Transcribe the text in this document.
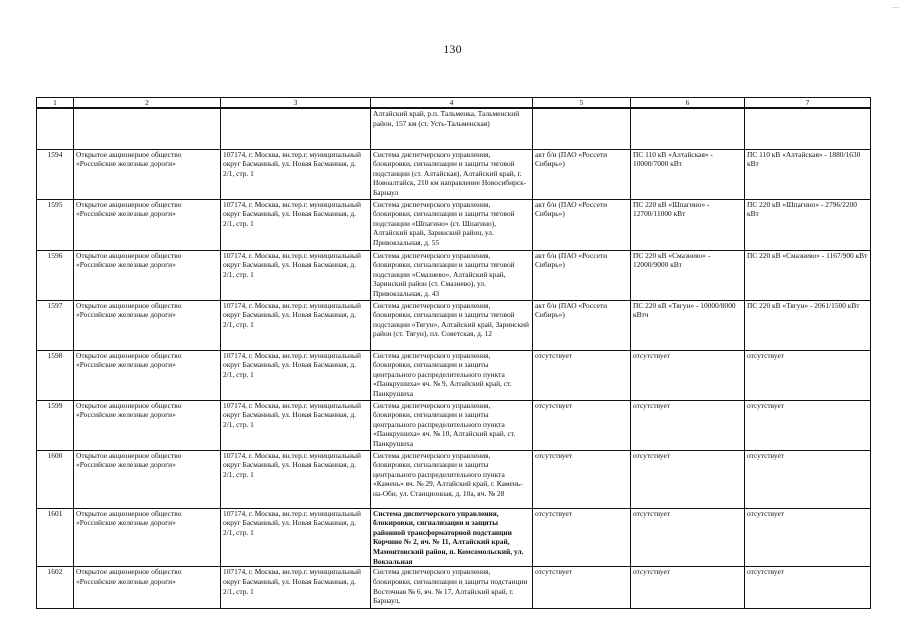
—
130
1	2	3	4	5	6	7
			Алтайский край, р.п. Тальменка, Тальменский район, 157 км (ст. Усть-Тальменская)			
1594	Открытое акционерное общество «Российские железные дороги»	107174, г. Москва, вн.тер.г. муниципальный округ Басманный, ул. Новая Басманная, д. 2/1, стр. 1	Система диспетчерского управления, блокировки, сигнализации и защиты тяговой подстанции (ст. Алтайская), Алтайский край, г. Новоалтайск, 210 км направление Новосибирск-Барнаул	акт б/н (ПАО «Россети Сибирь»)	ПС 110 кВ «Алтайская» - 10000/7000 кВт	ПС 110 кВ «Алтайская» - 1880/1630 кВт
1595	Открытое акционерное общество «Российские железные дороги»	107174, г. Москва, вн.тер.г. муниципальный округ Басманный, ул. Новая Басманная, д. 2/1, стр. 1	Система диспетчерского управления, блокировки, сигнализации и защиты тяговой подстанции «Шпагино» (ст. Шпагино), Алтайский край, Заринский район, ул. Привокзальная, д. 55	акт б/н (ПАО «Россети Сибирь»)	ПС 220 кВ «Шпагино» - 12700/11000 кВт	ПС 220 кВ «Шпагино» - 2796/2200 кВт
1596	Открытое акционерное общество «Российские железные дороги»	107174, г. Москва, вн.тер.г. муниципальный округ Басманный, ул. Новая Басманная, д. 2/1, стр. 1	Система диспетчерского управления, блокировки, сигнализации и защиты тяговой подстанции «Смазнево», Алтайский край, Заринский район (ст. Смазнево), ул. Привокзальная, д. 43	акт б/н (ПАО «Россети Сибирь»)	ПС 220 кВ «Смазнево» - 12000/9000 кВт	ПС 220 кВ «Смазнево» - 1167/900 кВт
1597	Открытое акционерное общество «Российские железные дороги»	107174, г. Москва, вн.тер.г. муниципальный округ Басманный, ул. Новая Басманная, д. 2/1, стр. 1	Система диспетчерского управления, блокировки, сигнализации и защиты тяговой подстанции «Тягун», Алтайский край, Заринский район (ст. Тягун), пл. Советская, д. 12	акт б/н (ПАО «Россети Сибирь»)	ПС 220 кВ «Тягун» - 10000/8000 кВтч	ПС 220 кВ «Тягун» - 2061/1500 кВт
1598	Открытое акционерное общество «Российские железные дороги»	107174, г. Москва, вн.тер.г. муниципальный округ Басманный, ул. Новая Басманная, д. 2/1, стр. 1	Система диспетчерского управления, блокировки, сигнализации и защиты центрального распределительного пункта «Панкрушиха» яч. № 9, Алтайский край, ст. Панкрушиха	отсутствует	отсутствует	отсутствует
1599	Открытое акционерное общество «Российские железные дороги»	107174, г. Москва, вн.тер.г. муниципальный округ Басманный, ул. Новая Басманная, д. 2/1, стр. 1	Система диспетчерского управления, блокировки, сигнализации и защиты центрального распределительного пункта «Панкрушиха» яч. № 10, Алтайский край, ст. Панкрушиха	отсутствует	отсутствует	отсутствует
1600	Открытое акционерное общество «Российские железные дороги»	107174, г. Москва, вн.тер.г. муниципальный округ Басманный, ул. Новая Басманная, д. 2/1, стр. 1	Система диспетчерского управления, блокировки, сигнализации и защиты центрального распределительного пункта «Камень» яч. № 29, Алтайский край, г. Камень-на-Оби, ул. Станционная, д. 10а, яч. № 28	отсутствует	отсутствует	отсутствует
1601	Открытое акционерное общество «Российские железные дороги»	107174, г. Москва, вн.тер.г. муниципальный округ Басманный, ул. Новая Басманная, д. 2/1, стр. 1	Система диспетчерского управления, блокировки, сигнализации и защиты районной трансформаторной подстанции Корчино № 2, яч. № 11, Алтайский край, Мамонтовский район, п. Комсомольский, ул. Вокзальная	отсутствует	отсутствует	отсутствует
1602	Открытое акционерное общество «Российские железные дороги»	107174, г. Москва, вн.тер.г. муниципальный округ Басманный, ул. Новая Басманная, д. 2/1, стр. 1	Система диспетчерского управления, блокировки, сигнализации и защиты подстанции Восточная № 6, яч. № 17, Алтайский край, г. Барнаул,	отсутствует	отсутствует	отсутствует
